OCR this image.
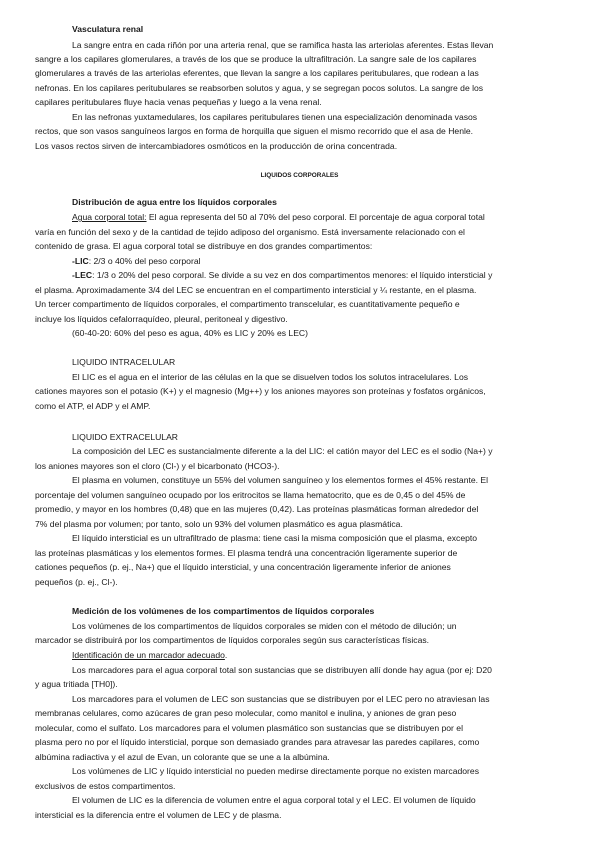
Vasculatura renal

La sangre entra en cada riñón por una arteria renal, que se ramifica hasta las arteriolas aferentes. Estas llevan

sangre a los capilares glomerulares, a través de los que se produce la ultrafiltración. La sangre sale de los capilares

glomerulares a través de las arteriolas eferentes, que llevan la sangre a los capilares peritubulares, que rodean a las

nefronas. En los capilares peritubulares se reabsorben solutos y agua, y se segregan pocos solutos. La sangre de los

capilares peritubulares fluye hacia venas pequeñas y luego a la vena renal.

En las nefronas yuxtamedulares, los capilares peritubulares tienen una especialización denominada vasos

rectos, que son vasos sanguíneos largos en forma de horquilla que siguen el mismo recorrido que el asa de Henle.

Los vasos rectos sirven de intercambiadores osmóticos en la producción de orina concentrada.

LIQUIDOS CORPORALES

Distribución de agua entre los líquidos corporales

Agua corporal total: El agua representa del 50 al 70% del peso corporal. El porcentaje de agua corporal total

varía en función del sexo y de la cantidad de tejido adiposo del organismo. Está inversamente relacionado con el

contenido de grasa. El agua corporal total se distribuye en dos grandes compartimentos:

-LIC: 2/3 o 40% del peso corporal

-LEC: 1/3 o 20% del peso corporal. Se divide a su vez en dos compartimentos menores: el líquido intersticial y

el plasma. Aproximadamente 3/4 del LEC se encuentran en el compartimento intersticial y ¼ restante, en el plasma.

Un tercer compartimento de líquidos corporales, el compartimento transcelular, es cuantitativamente pequeño e

incluye los líquidos cefalorraquídeo, pleural, peritoneal y digestivo.

(60-40-20: 60% del peso es agua, 40% es LIC y 20% es LEC)

LIQUIDO INTRACELULAR

El LIC es el agua en el interior de las células en la que se disuelven todos los solutos intracelulares. Los

cationes mayores son el potasio (K+) y el magnesio (Mg++) y los aniones mayores son proteínas y fosfatos orgánicos,

como el ATP, el ADP y el AMP.

LIQUIDO EXTRACELULAR

La composición del LEC es sustancialmente diferente a la del LIC: el catión mayor del LEC es el sodio (Na+) y

los aniones mayores son el cloro (Cl-) y el bicarbonato (HCO3-).

El plasma en volumen, constituye un 55% del volumen sanguíneo y los elementos formes el 45% restante. El

porcentaje del volumen sanguíneo ocupado por los eritrocitos se llama hematocrito, que es de 0,45 o del 45% de

promedio, y mayor en los hombres (0,48) que en las mujeres (0,42). Las proteínas plasmáticas forman alrededor del

7% del plasma por volumen; por tanto, solo un 93% del volumen plasmático es agua plasmática.

El líquido intersticial es un ultrafiltrado de plasma: tiene casi la misma composición que el plasma, excepto

las proteínas plasmáticas y los elementos formes. El plasma tendrá una concentración ligeramente superior de

cationes pequeños (p. ej., Na+) que el líquido intersticial, y una concentración ligeramente inferior de aniones

pequeños (p. ej., Cl-).

Medición de los volúmenes de los compartimentos de líquidos corporales

Los volúmenes de los compartimentos de líquidos corporales se miden con el método de dilución; un

marcador se distribuirá por los compartimentos de líquidos corporales según sus características físicas.

Identificación de un marcador adecuado.

Los marcadores para el agua corporal total son sustancias que se distribuyen allí donde hay agua (por ej: D20

y agua tritiada [TH0]).

Los marcadores para el volumen de LEC son sustancias que se distribuyen por el LEC pero no atraviesan las

membranas celulares, como azúcares de gran peso molecular, como manitol e inulina, y aniones de gran peso

molecular, como el sulfato. Los marcadores para el volumen plasmático son sustancias que se distribuyen por el

plasma pero no por el líquido intersticial, porque son demasiado grandes para atravesar las paredes capilares, como

albúmina radiactiva y el azul de Evan, un colorante que se une a la albúmina.

Los volúmenes de LIC y líquido intersticial no pueden medirse directamente porque no existen marcadores

exclusivos de estos compartimentos.

El volumen de LIC es la diferencia de volumen entre el agua corporal total y el LEC. El volumen de líquido

intersticial es la diferencia entre el volumen de LEC y de plasma.
